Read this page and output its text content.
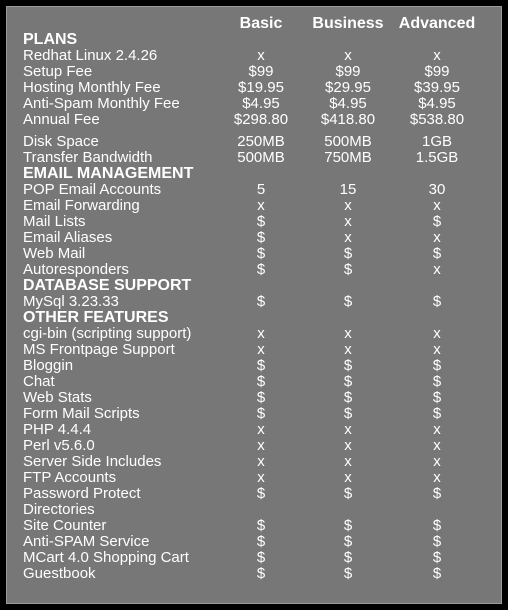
	Basic	Business	Advanced
PLANS			
Redhat Linux 2.4.26	x	x	x
Setup Fee	$99	$99	$99
Hosting Monthly Fee	$19.95	$29.95	$39.95
Anti-Spam Monthly Fee	$4.95	$4.95	$4.95
Annual Fee	$298.80	$418.80	$538.80

Disk Space	250MB	500MB	1GB
Transfer Bandwidth	500MB	750MB	1.5GB
EMAIL MANAGEMENT			
POP Email Accounts	5	15	30
Email Forwarding	x	x	x
Mail Lists	$	x	$
Email Aliases	$	x	x
Web Mail	$	$	$
Autoresponders	$	$	x
DATABASE SUPPORT			
MySql 3.23.33	$	$	$
OTHER FEATURES			
cgi-bin (scripting support)	x	x	x
MS Frontpage Support	x	x	x
Bloggin	$	$	$
Chat	$	$	$
Web Stats	$	$	$
Form Mail Scripts	$	$	$
PHP 4.4.4	x	x	x
Perl v5.6.0	x	x	x
Server Side Includes	x	x	x
FTP Accounts	x	x	x
Password Protect	$	$	$
Directories			
Site Counter	$	$	$
Anti-SPAM Service	$	$	$
MCart 4.0 Shopping Cart	$	$	$
Guestbook	$	$	$
